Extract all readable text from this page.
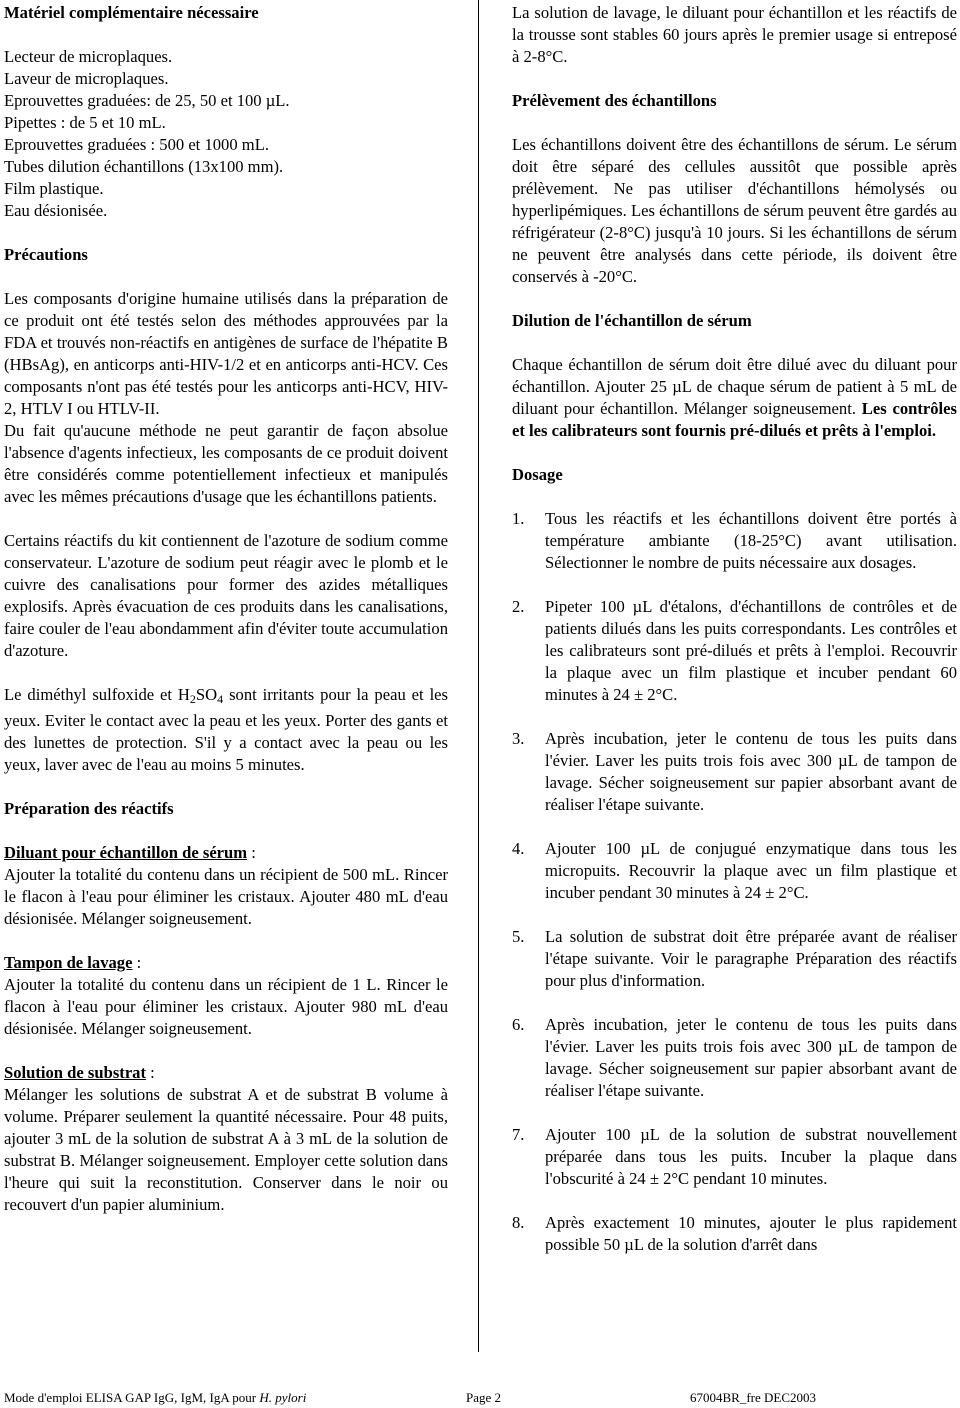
Matériel complémentaire nécessaire

Lecteur de microplaques.
Laveur de microplaques.
Eprouvettes graduées: de 25, 50 et 100 µL.
Pipettes : de 5 et 10 mL.
Eprouvettes graduées : 500 et 1000 mL.
Tubes dilution échantillons (13x100 mm).
Film plastique.
Eau désionisée.

Précautions

Les composants d'origine humaine utilisés dans la préparation de ce produit ont été testés selon des méthodes approuvées par la FDA et trouvés non-réactifs en antigènes de surface de l'hépatite B (HBsAg), en anticorps anti-HIV-1/2 et en anticorps anti-HCV. Ces composants n'ont pas été testés pour les anticorps anti-HCV, HIV-2, HTLV I ou HTLV-II.

Du fait qu'aucune méthode ne peut garantir de façon absolue l'absence d'agents infectieux, les composants de ce produit doivent être considérés comme potentiellement infectieux et manipulés avec les mêmes précautions d'usage que les échantillons patients.

Certains réactifs du kit contiennent de l'azoture de sodium comme conservateur. L'azoture de sodium peut réagir avec le plomb et le cuivre des canalisations pour former des azides métalliques explosifs. Après évacuation de ces produits dans les canalisations, faire couler de l'eau abondamment afin d'éviter toute accumulation d'azoture.

Le diméthyl sulfoxide et $H_2SO_4$ sont irritants pour la peau et les yeux. Eviter le contact avec la peau et les yeux. Porter des gants et des lunettes de protection. S'il y a contact avec la peau ou les yeux, laver avec de l'eau au moins 5 minutes.

Préparation des réactifs

Diluant pour échantillon de sérum :

Ajouter la totalité du contenu dans un récipient de 500 mL. Rincer le flacon à l'eau pour éliminer les cristaux. Ajouter 480 mL d'eau désionisée. Mélanger soigneusement.

Tampon de lavage :

Ajouter la totalité du contenu dans un récipient de 1 L. Rincer le flacon à l'eau pour éliminer les cristaux. Ajouter 980 mL d'eau désionisée. Mélanger soigneusement.

Solution de substrat :

Mélanger les solutions de substrat A et de substrat B volume à volume. Préparer seulement la quantité nécessaire. Pour 48 puits, ajouter 3 mL de la solution de substrat A à 3 mL de la solution de substrat B. Mélanger soigneusement. Employer cette solution dans l'heure qui suit la reconstitution. Conserver dans le noir ou recouvert d'un papier aluminium.

La solution de lavage, le diluant pour échantillon et les réactifs de la trousse sont stables 60 jours après le premier usage si entreposé à 2-8°C.

Prélèvement des échantillons

Les échantillons doivent être des échantillons de sérum. Le sérum doit être séparé des cellules aussitôt que possible après prélèvement. Ne pas utiliser d'échantillons hémolysés ou hyperlipémiques. Les échantillons de sérum peuvent être gardés au réfrigérateur (2-8°C) jusqu'à 10 jours. Si les échantillons de sérum ne peuvent être analysés dans cette période, ils doivent être conservés à -20°C.

Dilution de l'échantillon de sérum

Chaque échantillon de sérum doit être dilué avec du diluant pour échantillon. Ajouter 25 µL de chaque sérum de patient à 5 mL de diluant pour échantillon. Mélanger soigneusement. Les contrôles et les calibrateurs sont fournis pré-dilués et prêts à l'emploi.

Dosage

1. Tous les réactifs et les échantillons doivent être portés à température ambiante (18-25°C) avant utilisation. Sélectionner le nombre de puits nécessaire aux dosages.
2. Pipeter 100 µL d'étalons, d'échantillons de contrôles et de patients dilués dans les puits correspondants. Les contrôles et les calibrateurs sont pré-dilués et prêts à l'emploi. Recouvrir la plaque avec un film plastique et incuber pendant 60 minutes à 24 ± 2°C.
3. Après incubation, jeter le contenu de tous les puits dans l'évier. Laver les puits trois fois avec 300 µL de tampon de lavage. Sécher soigneusement sur papier absorbant avant de réaliser l'étape suivante.
4. Ajouter 100 µL de conjugué enzymatique dans tous les micropuits. Recouvrir la plaque avec un film plastique et incuber pendant 30 minutes à 24 ± 2°C.
5. La solution de substrat doit être préparée avant de réaliser l'étape suivante. Voir le paragraphe Préparation des réactifs pour plus d'information.
6. Après incubation, jeter le contenu de tous les puits dans l'évier. Laver les puits trois fois avec 300 µL de tampon de lavage. Sécher soigneusement sur papier absorbant avant de réaliser l'étape suivante.
7. Ajouter 100 µL de la solution de substrat nouvellement préparée dans tous les puits. Incuber la plaque dans l'obscurité à 24 ± 2°C pendant 10 minutes.
8. Après exactement 10 minutes, ajouter le plus rapidement possible 50 µL de la solution d'arrêt dans
Mode d'emploi ELISA GAP IgG, IgM, IgA pour H. pylori	Page 2	67004BR_fre DEC2003
